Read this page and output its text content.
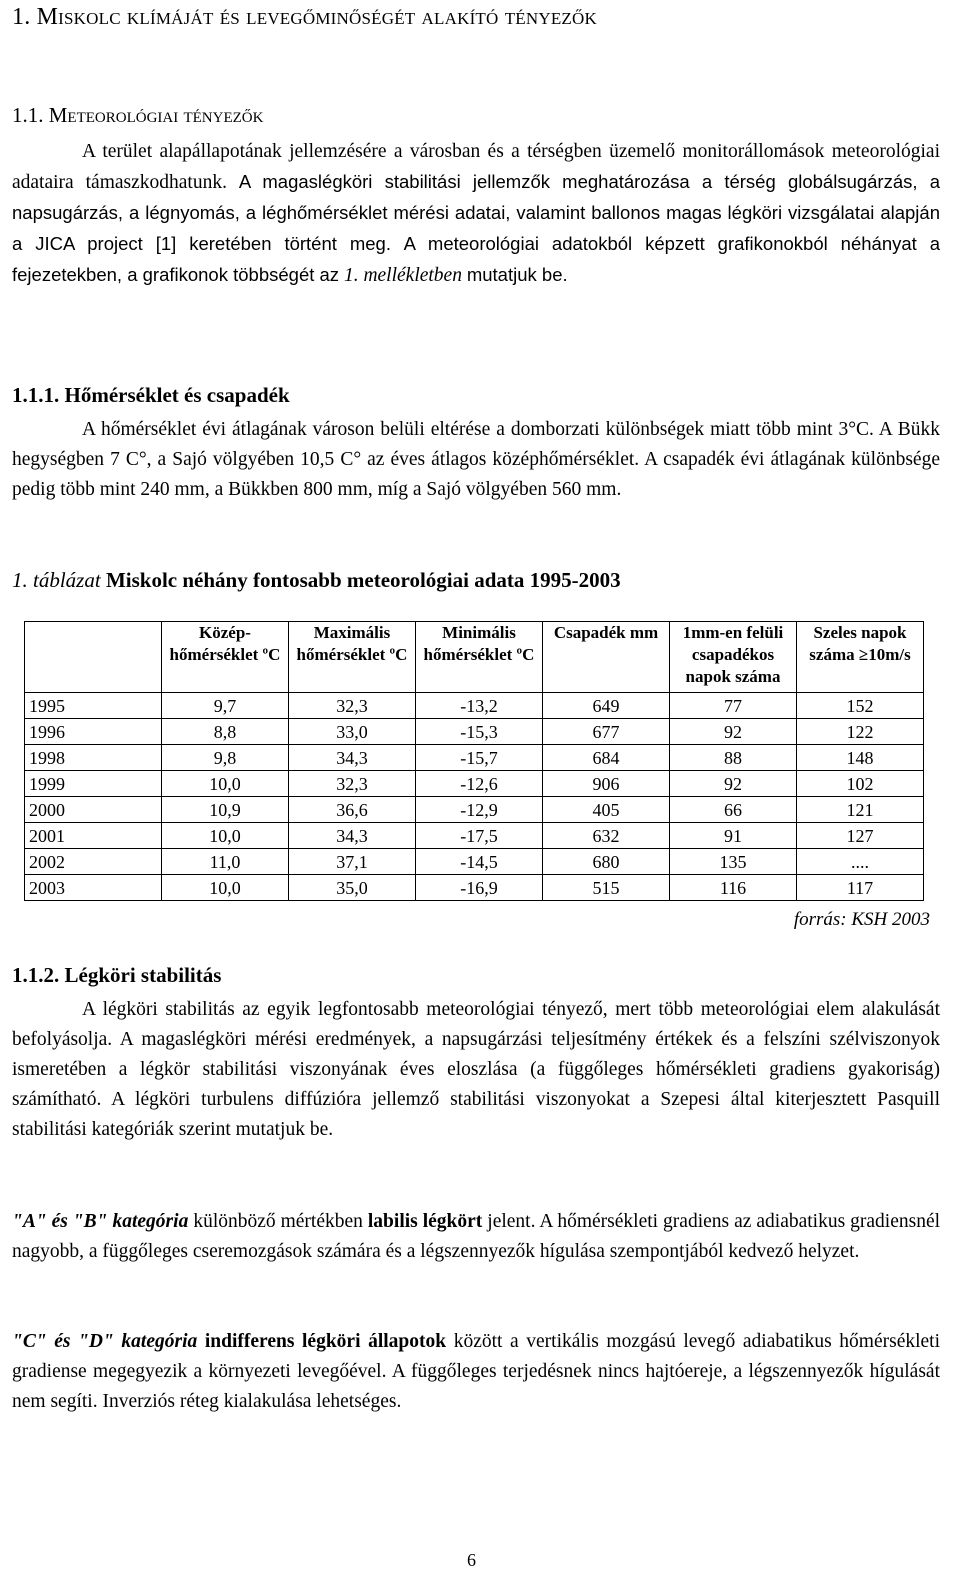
1. Miskolc klímáját és levegőminőségét alakító tényezők
1.1. Meteorológiai tényezők
A terület alapállapotának jellemzésére a városban és a térségben üzemelő monitorállomások meteorológiai adataira támaszkodhatunk. A magaslégköri stabilitási jellemzők meghatározása a térség globálsugárzás, a napsugárzás, a légnyomás, a léghőmérséklet mérési adatai, valamint ballonos magas légköri vizsgálatai alapján a JICA project [1] keretében történt meg. A meteorológiai adatokból képzett grafikonokból néhányat a fejezetekben, a grafikonok többségét az 1. mellékletben mutatjuk be.
1.1.1. Hőmérséklet és csapadék
A hőmérséklet évi átlagának városon belüli eltérése a domborzati különbségek miatt több mint 3°C. A Bükk hegységben 7 C°, a Sajó völgyében 10,5 C° az éves átlagos középhőmérséklet. A csapadék évi átlagának különbsége pedig több mint 240 mm, a Bükkben 800 mm, míg a Sajó völgyében 560 mm.
1. táblázat Miskolc néhány fontosabb meteorológiai adata 1995-2003
	Közép-hőmérséklet ºC	Maximális hőmérséklet ºC	Minimális hőmérséklet ºC	Csapadék mm	1mm-en felüli csapadékos napok száma	Szeles napok száma ≥10m/s
1995	9,7	32,3	-13,2	649	77	152
1996	8,8	33,0	-15,3	677	92	122
1998	9,8	34,3	-15,7	684	88	148
1999	10,0	32,3	-12,6	906	92	102
2000	10,9	36,6	-12,9	405	66	121
2001	10,0	34,3	-17,5	632	91	127
2002	11,0	37,1	-14,5	680	135	....
2003	10,0	35,0	-16,9	515	116	117
forrás: KSH 2003
1.1.2. Légköri stabilitás
A légköri stabilitás az egyik legfontosabb meteorológiai tényező, mert több meteorológiai elem alakulását befolyásolja. A magaslégköri mérési eredmények, a napsugárzási teljesítmény értékek és a felszíni szélviszonyok ismeretében a légkör stabilitási viszonyának éves eloszlása (a függőleges hőmérsékleti gradiens gyakoriság) számítható. A légköri turbulens diffúzióra jellemző stabilitási viszonyokat a Szepesi által kiterjesztett Pasquill stabilitási kategóriák szerint mutatjuk be.
"A" és "B" kategória különböző mértékben labilis légkört jelent. A hőmérsékleti gradiens az adiabatikus gradiensnél nagyobb, a függőleges cseremozgások számára és a légszennyezők hígulása szempontjából kedvező helyzet.
"C" és "D" kategória indifferens légköri állapotok között a vertikális mozgású levegő adiabatikus hőmérsékleti gradiense megegyezik a környezeti levegőével. A függőleges terjedésnek nincs hajtóereje, a légszennyezők hígulását nem segíti. Inverziós réteg kialakulása lehetséges.
6
